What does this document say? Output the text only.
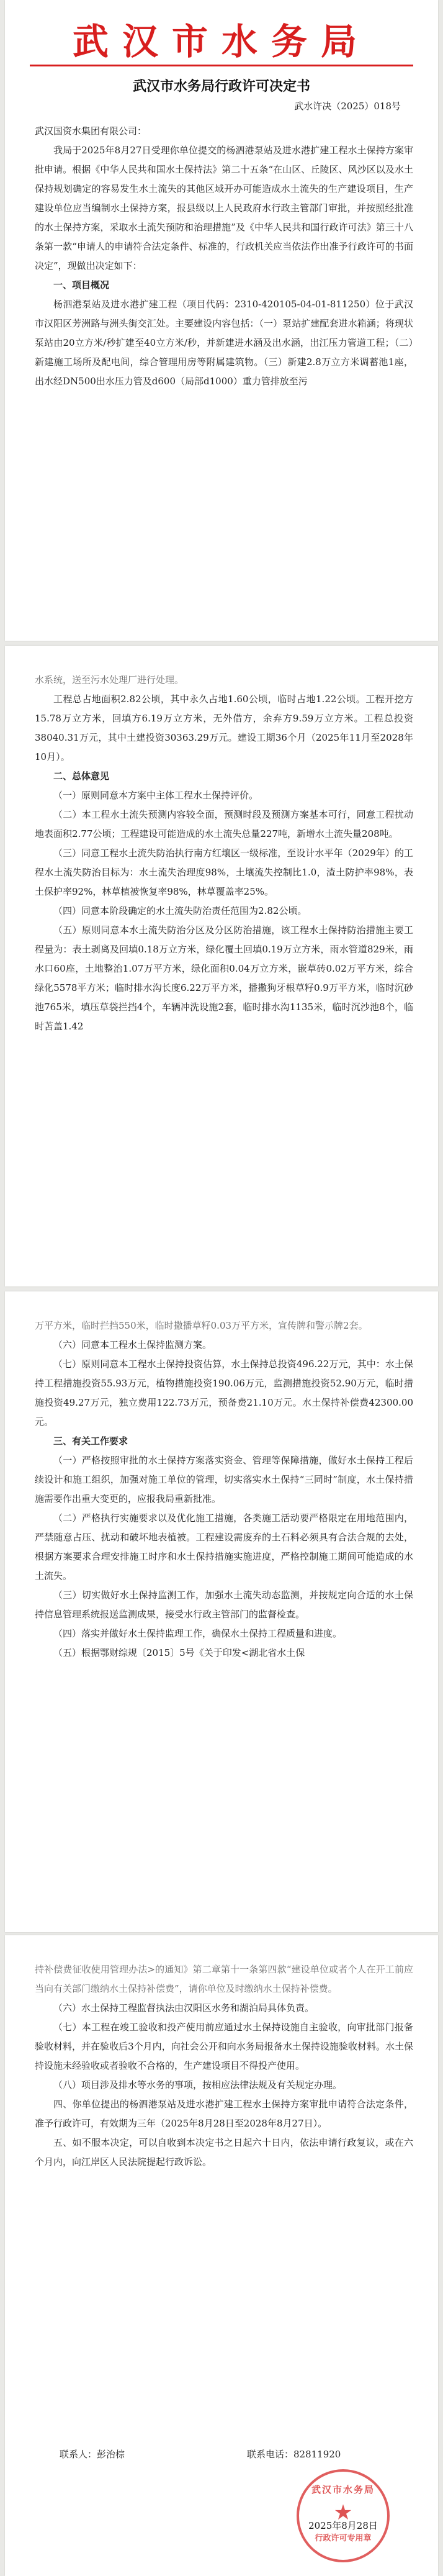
武汉市水务局
武汉市水务局行政许可决定书
武水许决（2025）018号

武汉国资水集团有限公司：

我局于2025年8月27日受理你单位提交的杨泗港泵站及进水港扩建工程水土保持方案审批申请。根据《中华人民共和国水土保持法》第二十五条“在山区、丘陵区、风沙区以及水土保持规划确定的容易发生水土流失的其他区域开办可能造成水土流失的生产建设项目，生产建设单位应当编制水土保持方案，报县级以上人民政府水行政主管部门审批，并按照经批准的水土保持方案，采取水土流失预防和治理措施”及《中华人民共和国行政许可法》第三十八条第一款“申请人的申请符合法定条件、标准的，行政机关应当依法作出准予行政许可的书面决定”，现做出决定如下：

一、项目概况

杨泗港泵站及进水港扩建工程（项目代码：2310-420105-04-01-811250）位于武汉市汉阳区芳洲路与洲头街交汇处。主要建设内容包括：（一）泵站扩建配套进水箱涵；将现状泵站由20立方米/秒扩建至40立方米/秒，并新建进水涵及出水涵，出江压力管道工程；（二）新建施工场所及配电间，综合管理用房等附属建筑物。（三）新建2.8万立方米调蓄池1座，出水经DN500出水压力管及d600（局部d1000）重力管排放至污

水系统，送至污水处理厂进行处理。

工程总占地面积2.82公顷，其中永久占地1.60公顷，临时占地1.22公顷。工程开挖方15.78万立方米，回填方6.19万立方米，无外借方，余弃方9.59万立方米。工程总投资38040.31万元，其中土建投资30363.29万元。建设工期36个月（2025年11月至2028年10月）。

二、总体意见

（一）原则同意本方案中主体工程水土保持评价。

（二）本工程水土流失预测内容较全面，预测时段及预测方案基本可行，同意工程扰动地表面积2.77公顷；工程建设可能造成的水土流失总量227吨，新增水土流失量208吨。

（三）同意工程水土流失防治执行南方红壤区一级标准，至设计水平年（2029年）的工程水土流失防治目标为：水土流失治理度98%，土壤流失控制比1.0，渣土防护率98%，表土保护率92%，林草植被恢复率98%，林草覆盖率25%。

（四）同意本阶段确定的水土流失防治责任范围为2.82公顷。

（五）原则同意本水土流失防治分区及分区防治措施，该工程水土保持防治措施主要工程量为：表土剥离及回填0.18万立方米，绿化覆土回填0.19万立方米，雨水管道829米，雨水口60座，土地整治1.07万平方米，绿化面积0.04万立方米，嵌草砖0.02万平方米，综合绿化5578平方米；临时排水沟长度6.22万平方米，播撒狗牙根草籽0.9万平方米，临时沉砂池765米，填压草袋拦挡4个，车辆冲洗设施2套，临时排水沟1135米，临时沉沙池8个，临时苫盖1.42

万平方米，临时拦挡550米，临时撒播草籽0.03万平方米，宣传牌和警示牌2套。

（六）同意本工程水土保持监测方案。

（七）原则同意本工程水土保持投资估算，水土保持总投资496.22万元，其中：水土保持工程措施投资55.93万元，植物措施投资190.06万元，监测措施投资52.90万元，临时措施投资49.27万元，独立费用122.73万元，预备费21.10万元。水土保持补偿费42300.00元。

三、有关工作要求

（一）严格按照审批的水土保持方案落实资金、管理等保障措施，做好水土保持工程后续设计和施工组织，加强对施工单位的管理，切实落实水土保持“三同时”制度，水土保持措施需要作出重大变更的，应报我局重新批准。

（二）严格执行实施要求以及优化施工措施，各类施工活动要严格限定在用地范围内，严禁随意占压、扰动和破坏地表植被。工程建设需废弃的土石料必须具有合法合规的去处，根据方案要求合理安排施工时序和水土保持措施实施进度，严格控制施工期间可能造成的水土流失。

（三）切实做好水土保持监测工作，加强水土流失动态监测，并按规定向合适的水土保持信息管理系统报送监测成果，接受水行政主管部门的监督检查。

（四）落实并做好水土保持监理工作，确保水土保持工程质量和进度。

（五）根据鄂财综规〔2015〕5号《关于印发<湖北省水土保

持补偿费征收使用管理办法>的通知》第二章第十一条第四款“建设单位或者个人在开工前应当向有关部门缴纳水土保持补偿费”，请你单位及时缴纳水土保持补偿费。

（六）水土保持工程监督执法由汉阳区水务和湖泊局具体负责。

（七）本工程在竣工验收和投产使用前应通过水土保持设施自主验收，向审批部门报备验收材料，并在验收后3个月内，向社会公开和向水务局报备水土保持设施验收材料。水土保持设施未经验收或者验收不合格的，生产建设项目不得投产使用。

（八）项目涉及排水等水务的事项，按相应法律法规及有关规定办理。

四、你单位提出的杨泗港泵站及进水港扩建工程水土保持方案审批申请符合法定条件，准予行政许可，有效期为三年（2025年8月28日至2028年8月27日）。

五、如不服本决定，可以自收到本决定书之日起六十日内，依法申请行政复议，或在六个月内，向江岸区人民法院提起行政诉讼。

联系人：彭治棕	联系电话：82811920
武汉市水务局
★
行政许可专用章
2025年8月28日
